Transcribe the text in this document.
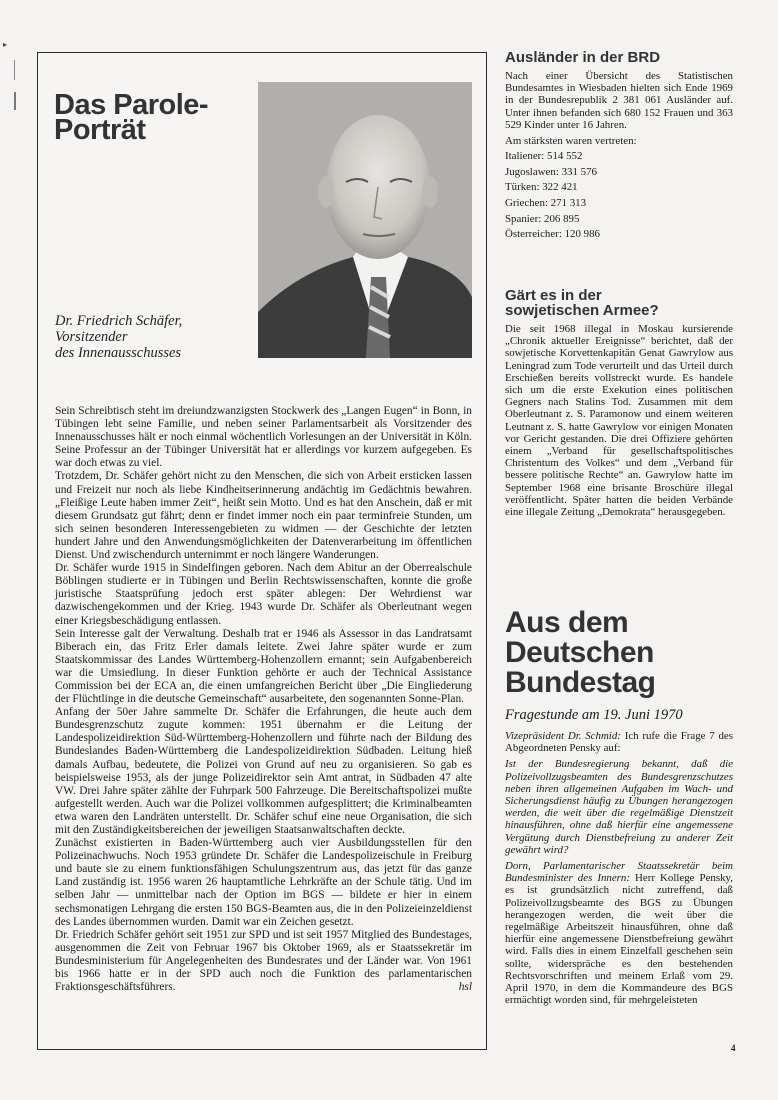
▸
Das Parole-
Porträt
Dr. Friedrich Schäfer,
Vorsitzender
des Innenausschusses

Sein Schreibtisch steht im dreiundzwanzigsten Stockwerk des „Langen Eugen“ in Bonn, in Tübingen lebt seine Familie, und neben seiner Parlamentsarbeit als Vorsitzender des Innenausschusses hält er noch einmal wöchentlich Vorlesungen an der Universität in Köln. Seine Professur an der Tübinger Universität hat er allerdings vor kurzem aufgegeben. Es war doch etwas zu viel.

Trotzdem, Dr. Schäfer gehört nicht zu den Menschen, die sich von Arbeit ersticken lassen und Freizeit nur noch als liebe Kindheitserinnerung andächtig im Gedächtnis bewahren. „Fleißige Leute haben immer Zeit“, heißt sein Motto. Und es hat den Anschein, daß er mit diesem Grundsatz gut fährt; denn er findet immer noch ein paar terminfreie Stunden, um sich seinen besonderen Interessengebieten zu widmen — der Geschichte der letzten hundert Jahre und den Anwendungsmöglichkeiten der Datenverarbeitung im öffentlichen Dienst. Und zwischendurch unternimmt er noch längere Wanderungen.

Dr. Schäfer wurde 1915 in Sindelfingen geboren. Nach dem Abitur an der Oberrealschule Böblingen studierte er in Tübingen und Berlin Rechtswissenschaften, konnte die große juristische Staatsprüfung jedoch erst später ablegen: Der Wehrdienst war dazwischengekommen und der Krieg. 1943 wurde Dr. Schäfer als Oberleutnant wegen einer Kriegsbeschädigung entlassen.

Sein Interesse galt der Verwaltung. Deshalb trat er 1946 als Assessor in das Landratsamt Biberach ein, das Fritz Erler damals leitete. Zwei Jahre später wurde er zum Staatskommissar des Landes Württemberg-Hohenzollern ernannt; sein Aufgabenbereich war die Umsiedlung. In dieser Funktion gehörte er auch der Technical Assistance Commission bei der ECA an, die einen umfangreichen Bericht über „Die Eingliederung der Flüchtlinge in die deutsche Gemeinschaft“ ausarbeitete, den sogenannten Sonne-Plan.

Anfang der 50er Jahre sammelte Dr. Schäfer die Erfahrungen, die heute auch dem Bundesgrenzschutz zugute kommen: 1951 übernahm er die Leitung der Landespolizeidirektion Süd-Württemberg-Hohenzollern und führte nach der Bildung des Bundeslandes Baden-Württemberg die Landespolizeidirektion Südbaden. Leitung hieß damals Aufbau, bedeutete, die Polizei von Grund auf neu zu organisieren. So gab es beispielsweise 1953, als der junge Polizeidirektor sein Amt antrat, in Südbaden 47 alte VW. Drei Jahre später zählte der Fuhrpark 500 Fahrzeuge. Die Bereitschaftspolizei mußte aufgestellt werden. Auch war die Polizei vollkommen aufgesplittert; die Kriminalbeamten etwa waren den Landräten unterstellt. Dr. Schäfer schuf eine neue Organisation, die sich mit den Zuständigkeitsbereichen der jeweiligen Staatsanwaltschaften deckte.

Zunächst existierten in Baden-Württemberg auch vier Ausbildungsstellen für den Polizeinachwuchs. Noch 1953 gründete Dr. Schäfer die Landespolizeischule in Freiburg und baute sie zu einem funktionsfähigen Schulungszentrum aus, das jetzt für das ganze Land zuständig ist. 1956 waren 26 hauptamtliche Lehrkräfte an der Schule tätig. Und im selben Jahr — unmittelbar nach der Option im BGS — bildete er hier in einem sechsmonatigen Lehrgang die ersten 150 BGS-Beamten aus, die in den Polizeieinzeldienst des Landes übernommen wurden. Damit war ein Zeichen gesetzt.

Dr. Friedrich Schäfer gehört seit 1951 zur SPD und ist seit 1957 Mitglied des Bundestages, ausgenommen die Zeit von Februar 1967 bis Oktober 1969, als er Staatssekretär im Bundesministerium für Angelegenheiten des Bundesrates und der Länder war. Von 1961 bis 1966 hatte er in der SPD auch noch die Funktion des parlamentarischen Fraktionsgeschäftsführers.	hsl
Ausländer in der BRD

Nach einer Übersicht des Statistischen Bundesamtes in Wiesbaden hielten sich Ende 1969 in der Bundesrepublik 2 381 061 Ausländer auf. Unter ihnen befanden sich 680 152 Frauen und 363 529 Kinder unter 16 Jahren.

Am stärksten waren vertreten:

Italiener: 514 552
Jugoslawen: 331 576
Türken: 322 421
Griechen: 271 313
Spanier: 206 895
Österreicher: 120 986
Gärt es in der
sowjetischen Armee?

Die seit 1968 illegal in Moskau kursierende „Chronik aktueller Ereignisse“ berichtet, daß der sowjetische Korvettenkapitän Genat Gawrylow aus Leningrad zum Tode verurteilt und das Urteil durch Erschießen bereits vollstreckt wurde. Es handele sich um die erste Exekution eines politischen Gegners nach Stalins Tod. Zusammen mit dem Oberleutnant z. S. Paramonow und einem weiteren Leutnant z. S. hatte Gawrylow vor einigen Monaten vor Gericht gestanden. Die drei Offiziere gehörten einem „Verband für gesellschaftspolitisches Christentum des Volkes“ und dem „Verband für bessere politische Rechte“ an. Gawrylow hatte im September 1968 eine brisante Broschüre illegal veröffentlicht. Später hatten die beiden Verbände eine illegale Zeitung „Demokrata“ herausgegeben.

Aus dem
Deutschen
Bundestag
Fragestunde am 19. Juni 1970

Vizepräsident Dr. Schmid: Ich rufe die Frage 7 des Abgeordneten Pensky auf:

Ist der Bundesregierung bekannt, daß die Polizeivollzugsbeamten des Bundesgrenzschutzes neben ihren allgemeinen Aufgaben im Wach- und Sicherungsdienst häufig zu Übungen herangezogen werden, die weit über die regelmäßige Dienstzeit hinausführen, ohne daß hierfür eine angemessene Vergütung durch Dienstbefreiung zu anderer Zeit gewährt wird?

Dorn, Parlamentarischer Staatssekretär beim Bundesminister des Innern: Herr Kollege Pensky, es ist grundsätzlich nicht zutreffend, daß Polizeivollzugsbeamte des BGS zu Übungen herangezogen werden, die weit über die regelmäßige Arbeitszeit hinausführen, ohne daß hierfür eine angemessene Dienstbefreiung gewährt wird. Falls dies in einem Einzelfall geschehen sein sollte, widerspräche es den bestehenden Rechtsvorschriften und meinem Erlaß vom 29. April 1970, in dem die Kommandeure des BGS ermächtigt worden sind, für mehrgeleisteten

4
